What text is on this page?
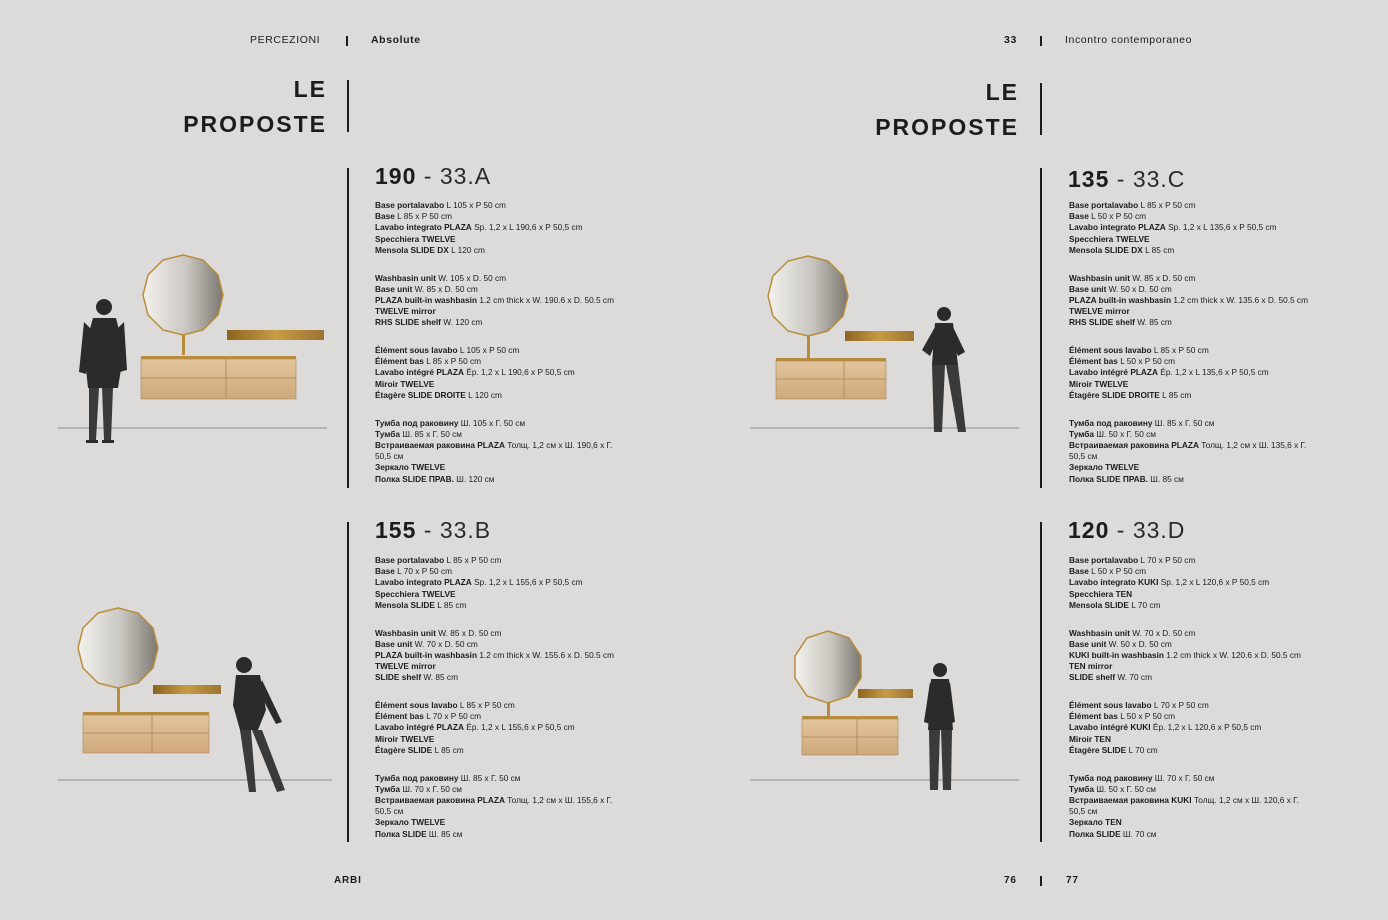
PERCEZIONI	Absolute	33	Incontro contemporaneo
LE
PROPOSTE
LE
PROPOSTE
190 - 33.A
Base portalavabo L 105 x P 50 cm
Base L 85 x P 50 cm
Lavabo integrato PLAZA Sp. 1,2 x L 190,6 x P 50,5 cm
Specchiera TWELVE
Mensola SLIDE DX L 120 cm
Washbasin unit W. 105 x D. 50 cm
Base unit W. 85 x D. 50 cm
PLAZA built-in washbasin 1.2 cm thick x W. 190.6 x D. 50.5 cm
TWELVE mirror
RHS SLIDE shelf W. 120 cm
Élément sous lavabo L 105 x P 50 cm
Élément bas L 85 x P 50 cm
Lavabo intégré PLAZA Ép. 1,2 x L 190,6 x P 50,5 cm
Miroir TWELVE
Étagère SLIDE DROITE L 120 cm
Тумба под раковину Ш. 105 x Г. 50 см
Тумба Ш. 85 x Г. 50 см
Встраиваемая раковина PLAZA Толщ. 1,2 см x Ш. 190,6 x Г.
50,5 см
Зеркало TWELVE
Полка SLIDE ПРАВ. Ш. 120 см
155 - 33.B
Base portalavabo L 85 x P 50 cm
Base L 70 x P 50 cm
Lavabo integrato PLAZA Sp. 1,2 x L 155,6 x P 50,5 cm
Specchiera TWELVE
Mensola SLIDE L 85 cm
Washbasin unit W. 85 x D. 50 cm
Base unit W. 70 x D. 50 cm
PLAZA built-in washbasin 1.2 cm thick x W. 155.6 x D. 50.5 cm
TWELVE mirror
SLIDE shelf W. 85 cm
Élément sous lavabo L 85 x P 50 cm
Élément bas L 70 x P 50 cm
Lavabo intégré PLAZA Ép. 1,2 x L 155,6 x P 50,5 cm
Miroir TWELVE
Étagère SLIDE L 85 cm
Тумба под раковину Ш. 85 x Г. 50 см
Тумба Ш. 70 x Г. 50 см
Встраиваемая раковина PLAZA Толщ. 1,2 см x Ш. 155,6 x Г.
50,5 см
Зеркало TWELVE
Полка SLIDE Ш. 85 см
135 - 33.C
Base portalavabo L 85 x P 50 cm
Base L 50 x P 50 cm
Lavabo integrato PLAZA Sp. 1,2 x L 135,6 x P 50,5 cm
Specchiera TWELVE
Mensola SLIDE DX L 85 cm
Washbasin unit W. 85 x D. 50 cm
Base unit W. 50 x D. 50 cm
PLAZA built-in washbasin 1.2 cm thick x W. 135.6 x D. 50.5 cm
TWELVE mirror
RHS SLIDE shelf W. 85 cm
Élément sous lavabo L 85 x P 50 cm
Élément bas L 50 x P 50 cm
Lavabo intégré PLAZA Ép. 1,2 x L 135,6 x P 50,5 cm
Miroir TWELVE
Étagère SLIDE DROITE L 85 cm
Тумба под раковину Ш. 85 x Г. 50 см
Тумба Ш. 50 x Г. 50 см
Встраиваемая раковина PLAZA Толщ. 1,2 см x Ш. 135,6 x Г.
50,5 см
Зеркало TWELVE
Полка SLIDE ПРАВ. Ш. 85 см
120 - 33.D
Base portalavabo L 70 x P 50 cm
Base L 50 x P 50 cm
Lavabo integrato KUKI Sp. 1,2 x L 120,6 x P 50,5 cm
Specchiera TEN
Mensola SLIDE L 70 cm
Washbasin unit W. 70 x D. 50 cm
Base unit W. 50 x D. 50 cm
KUKI built-in washbasin 1.2 cm thick x W. 120.6 x D. 50.5 cm
TEN mirror
SLIDE shelf W. 70 cm
Élément sous lavabo L 70 x P 50 cm
Élément bas L 50 x P 50 cm
Lavabo intégré KUKI Ép. 1,2 x L 120,6 x P 50,5 cm
Miroir TEN
Étagère SLIDE L 70 cm
Тумба под раковину Ш. 70 x Г. 50 см
Тумба Ш. 50 x Г. 50 см
Встраиваемая раковина KUKI Толщ. 1,2 см x Ш. 120,6 x Г.
50,5 см
Зеркало TEN
Полка SLIDE Ш. 70 см
ARBI	76	77
